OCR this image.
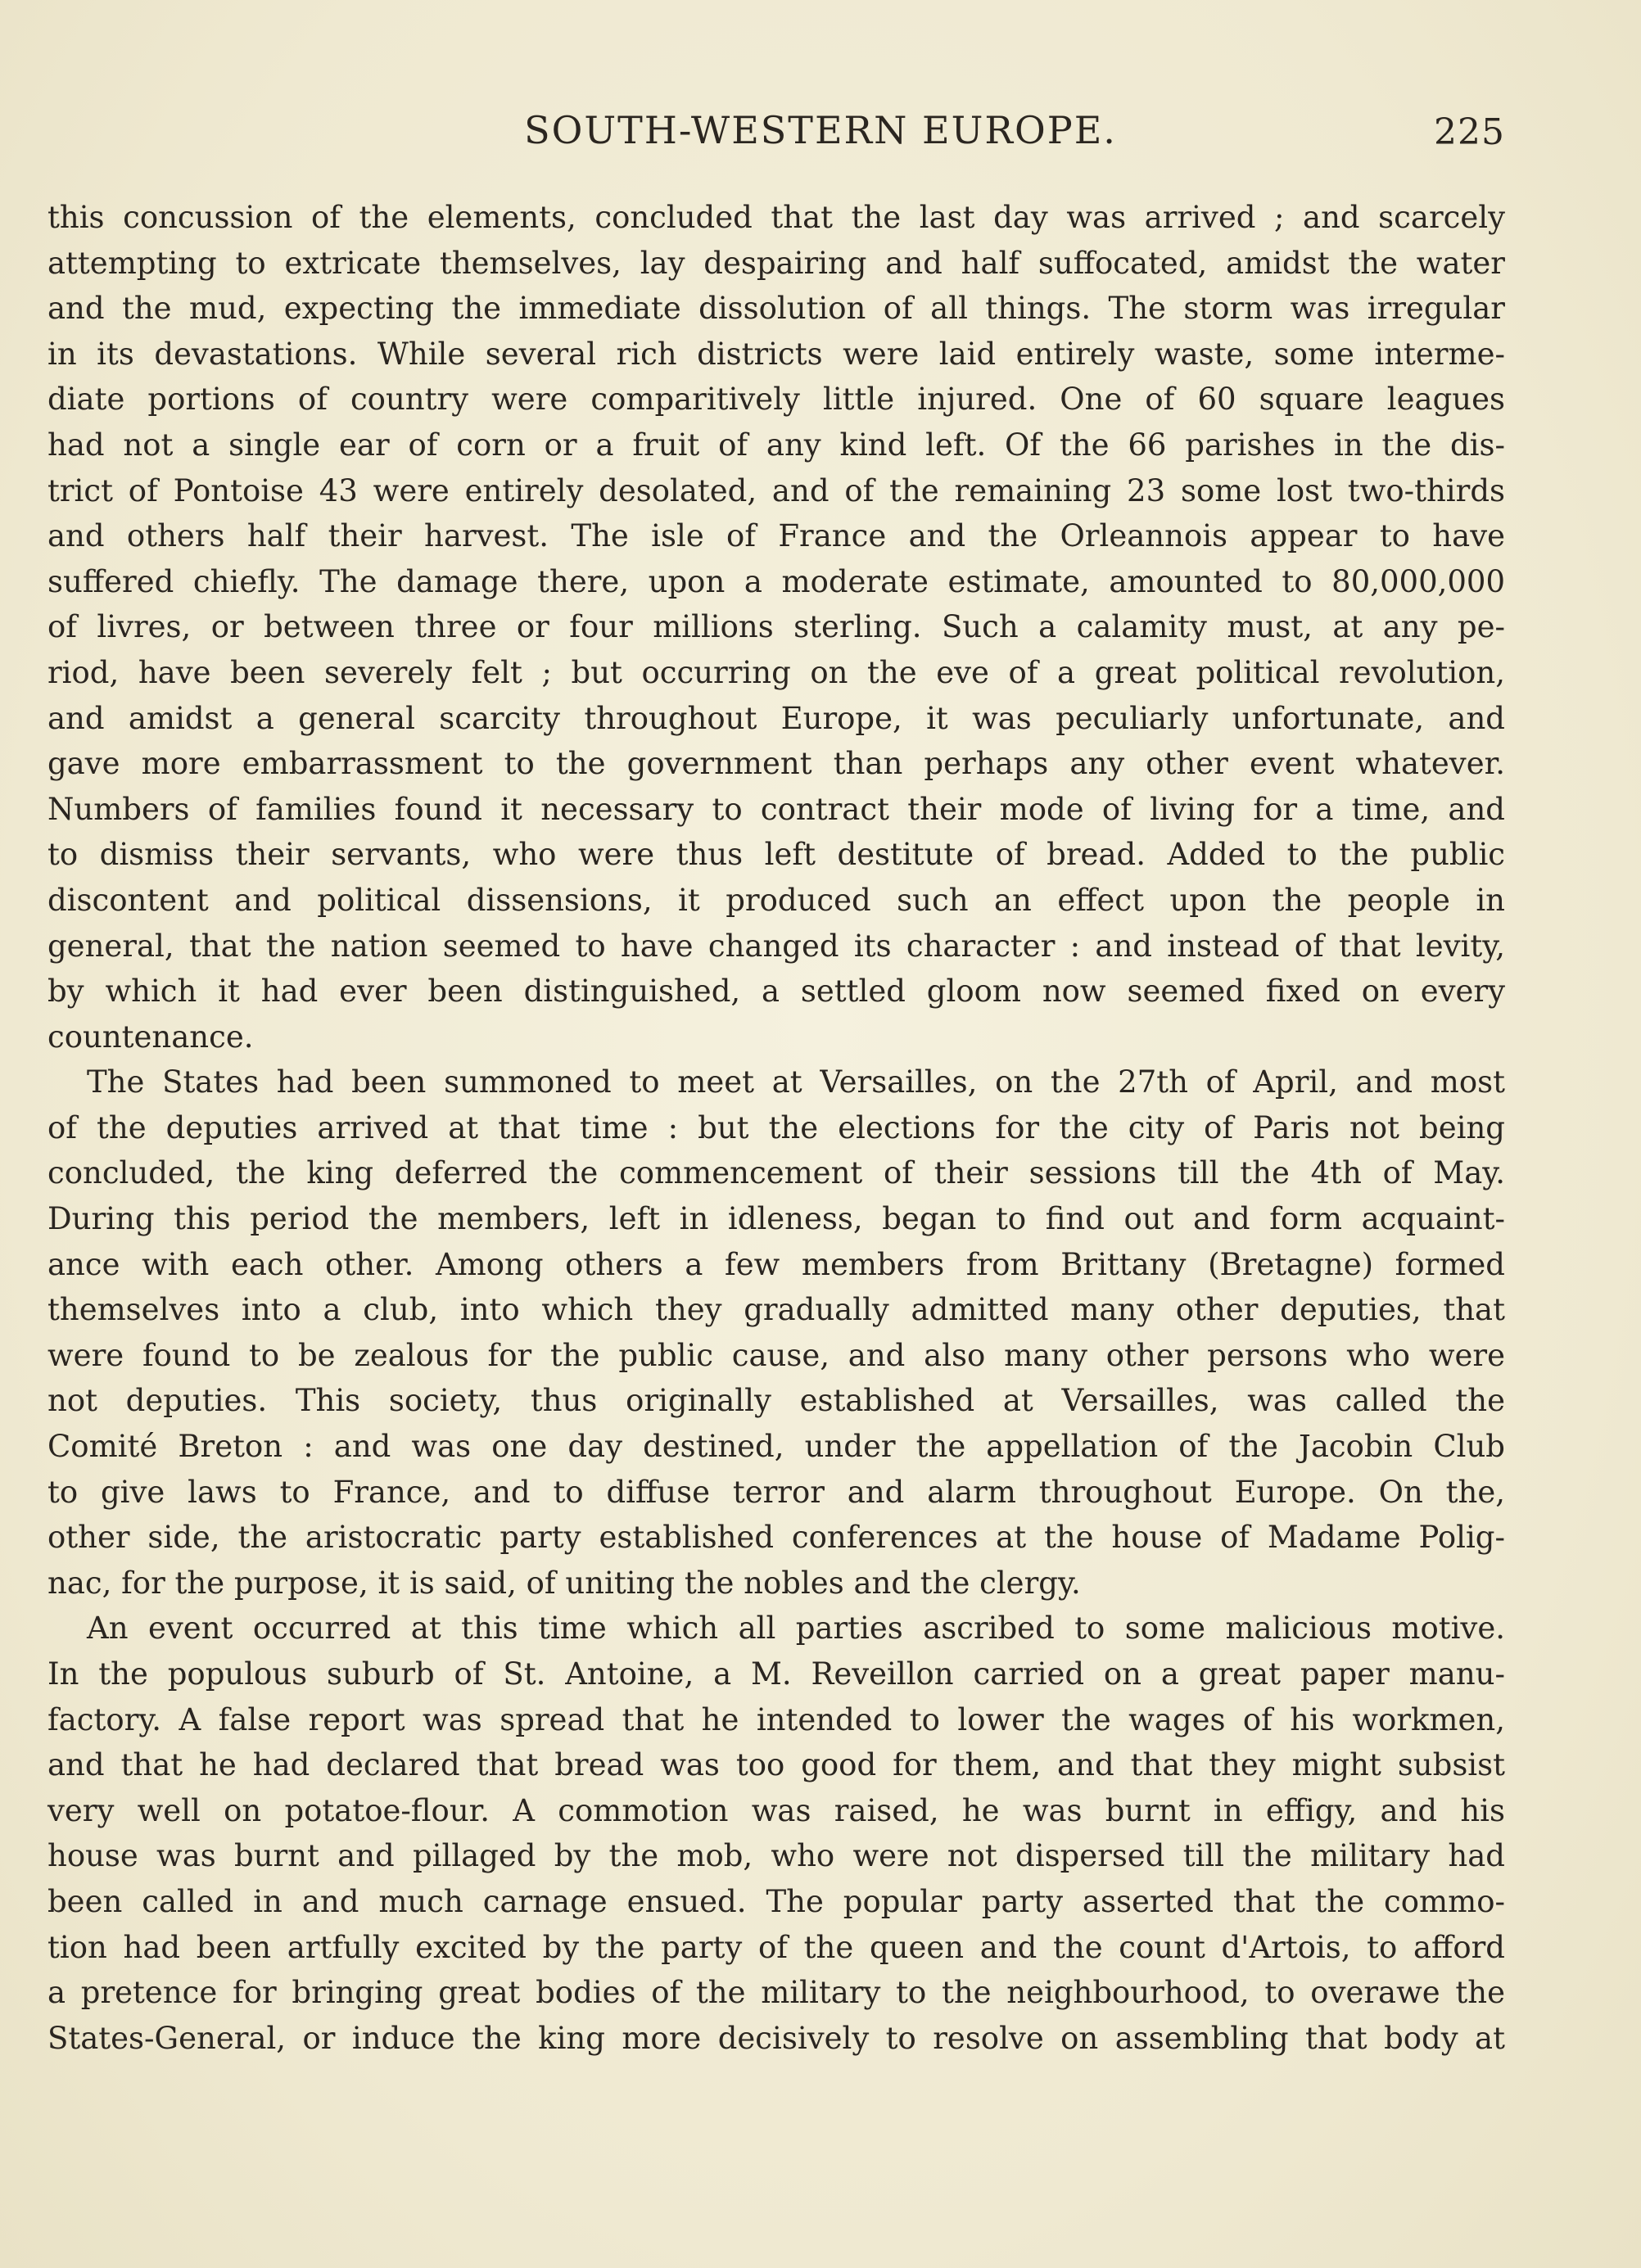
SOUTH-WESTERN EUROPE.	225
this concussion of the elements, concluded that the last day was arrived ; and scarcely
attempting to extricate themselves, lay despairing and half suffocated, amidst the water
and the mud, expecting the immediate dissolution of all things. The storm was irregular
in its devastations. While several rich districts were laid entirely waste, some interme-
diate portions of country were comparitively little injured. One of 60 square leagues
had not a single ear of corn or a fruit of any kind left. Of the 66 parishes in the dis-
trict of Pontoise 43 were entirely desolated, and of the remaining 23 some lost two-thirds
and others half their harvest. The isle of France and the Orleannois appear to have
suffered chiefly. The damage there, upon a moderate estimate, amounted to 80,000,000
of livres, or between three or four millions sterling. Such a calamity must, at any pe-
riod, have been severely felt ; but occurring on the eve of a great political revolution,
and amidst a general scarcity throughout Europe, it was peculiarly unfortunate, and
gave more embarrassment to the government than perhaps any other event whatever.
Numbers of families found it necessary to contract their mode of living for a time, and
to dismiss their servants, who were thus left destitute of bread. Added to the public
discontent and political dissensions, it produced such an effect upon the people in
general, that the nation seemed to have changed its character : and instead of that levity,
by which it had ever been distinguished, a settled gloom now seemed fixed on every
countenance.
The States had been summoned to meet at Versailles, on the 27th of April, and most
of the deputies arrived at that time : but the elections for the city of Paris not being
concluded, the king deferred the commencement of their sessions till the 4th of May.
During this period the members, left in idleness, began to find out and form acquaint-
ance with each other. Among others a few members from Brittany (Bretagne) formed
themselves into a club, into which they gradually admitted many other deputies, that
were found to be zealous for the public cause, and also many other persons who were
not deputies. This society, thus originally established at Versailles, was called the
Comité Breton : and was one day destined, under the appellation of the Jacobin Club
to give laws to France, and to diffuse terror and alarm throughout Europe. On the,
other side, the aristocratic party established conferences at the house of Madame Polig-
nac, for the purpose, it is said, of uniting the nobles and the clergy.
An event occurred at this time which all parties ascribed to some malicious motive.
In the populous suburb of St. Antoine, a M. Reveillon carried on a great paper manu-
factory. A false report was spread that he intended to lower the wages of his workmen,
and that he had declared that bread was too good for them, and that they might subsist
very well on potatoe-flour. A commotion was raised, he was burnt in effigy, and his
house was burnt and pillaged by the mob, who were not dispersed till the military had
been called in and much carnage ensued. The popular party asserted that the commo-
tion had been artfully excited by the party of the queen and the count d'Artois, to afford
a pretence for bringing great bodies of the military to the neighbourhood, to overawe the
States-General, or induce the king more decisively to resolve on assembling that body at
